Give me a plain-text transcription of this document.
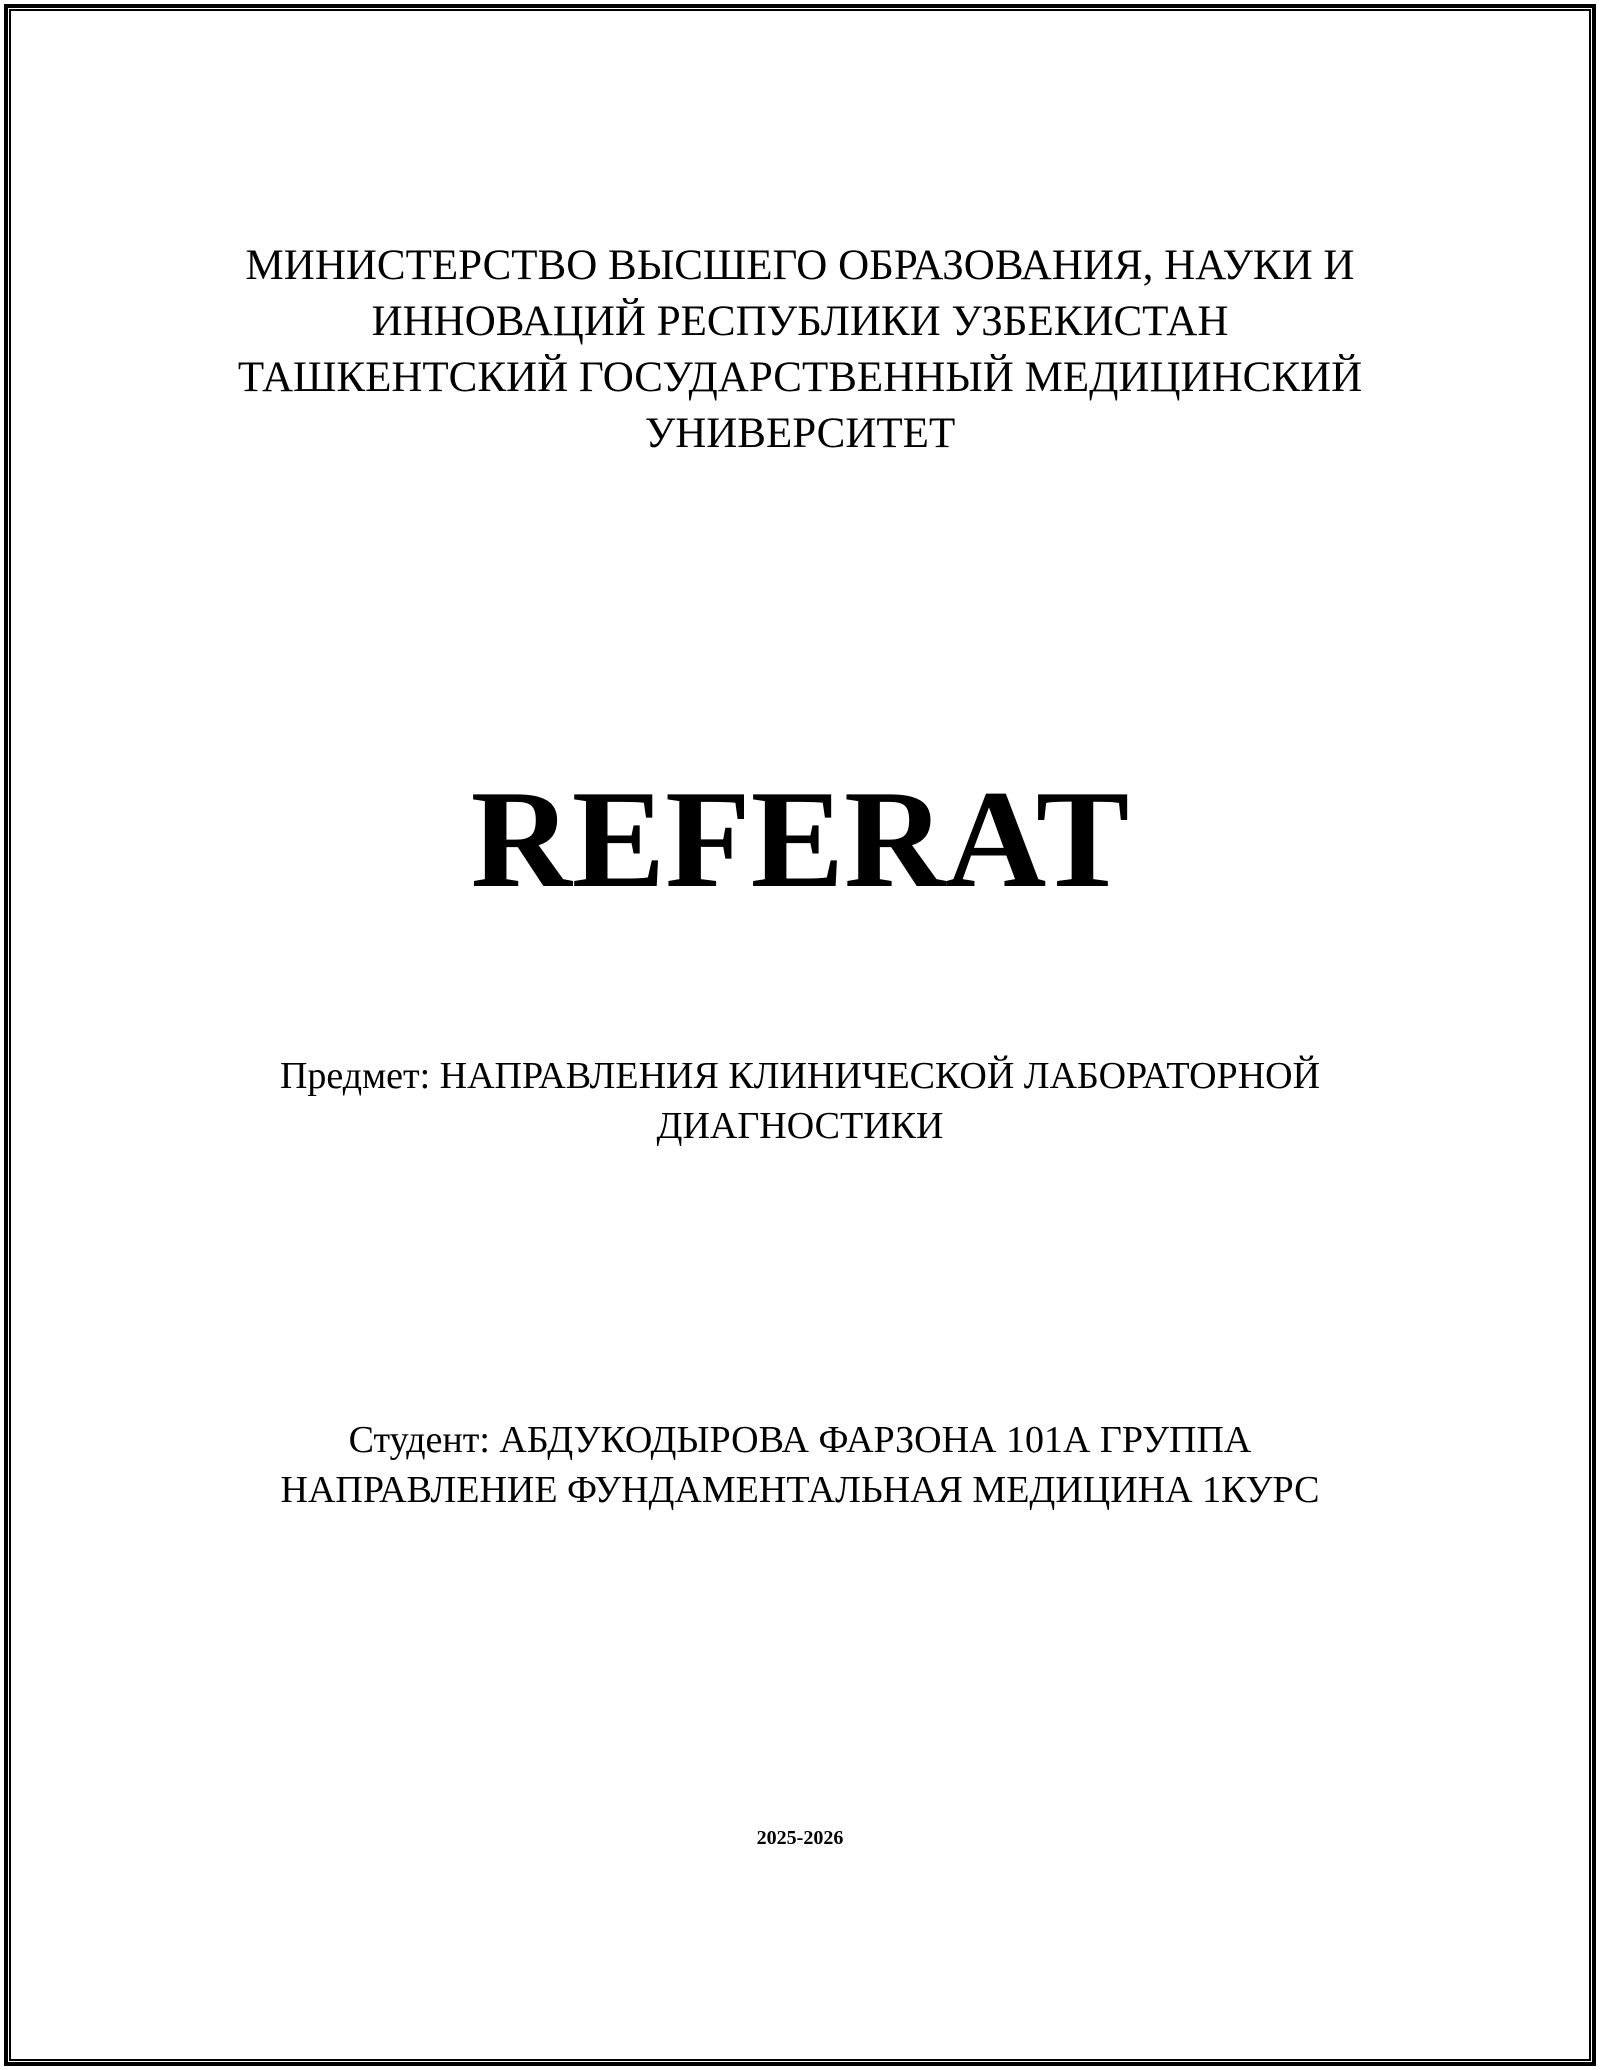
МИНИСТЕРСТВО ВЫСШЕГО ОБРАЗОВАНИЯ, НАУКИ И
ИННОВАЦИЙ РЕСПУБЛИКИ УЗБЕКИСТАН
ТАШКЕНТСКИЙ ГОСУДАРСТВЕННЫЙ МЕДИЦИНСКИЙ
УНИВЕРСИТЕТ
REFERAT
Предмет: НАПРАВЛЕНИЯ КЛИНИЧЕСКОЙ ЛАБОРАТОРНОЙ
ДИАГНОСТИКИ
Студент: АБДУКОДЫРОВА ФАРЗОНА 101А ГРУППА
НАПРАВЛЕНИЕ ФУНДАМЕНТАЛЬНАЯ МЕДИЦИНА 1КУРС
2025-2026
